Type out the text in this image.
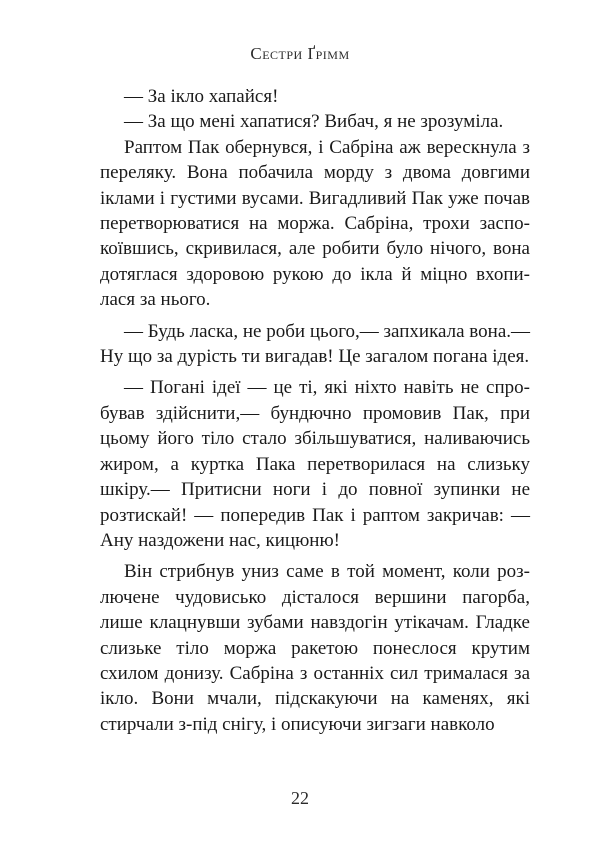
Сестри Ґрімм

— За ікло хапайся!

— За що мені хапатися? Вибач, я не зрозуміла.

Раптом Пак обернувся, і Сабріна аж верескнула з переляку. Вона побачила морду з двома довгими іклами і густими вусами. Вигадливий Пак уже почав перетворюватися на моржа. Сабріна, трохи заспокоївшись, скривилася, але робити було нічого, вона дотяглася здоровою рукою до ікла й міцно вхопилася за нього.

— Будь ласка, не роби цього,— запхикала вона.— Ну що за дурість ти вигадав! Це загалом погана ідея.

— Погані ідеї — це ті, які ніхто навіть не спробував здійснити,— бундючно промовив Пак, при цьому його тіло стало збільшуватися, наливаючись жиром, а куртка Пака перетворилася на слизьку шкіру.— Притисни ноги і до повної зупинки не розтискай! — попередив Пак і раптом закричав: — Ану наздожени нас, кицюню!

Він стрибнув униз саме в той момент, коли розлючене чудовисько дісталося вершини пагорба, лише клацнувши зубами навздогін утікачам. Гладке слизьке тіло моржа ракетою понеслося крутим схилом донизу. Сабріна з останніх сил трималася за ікло. Вони мчали, підскакуючи на каменях, які стирчали з-під снігу, і описуючи зигзаги навколо

22
